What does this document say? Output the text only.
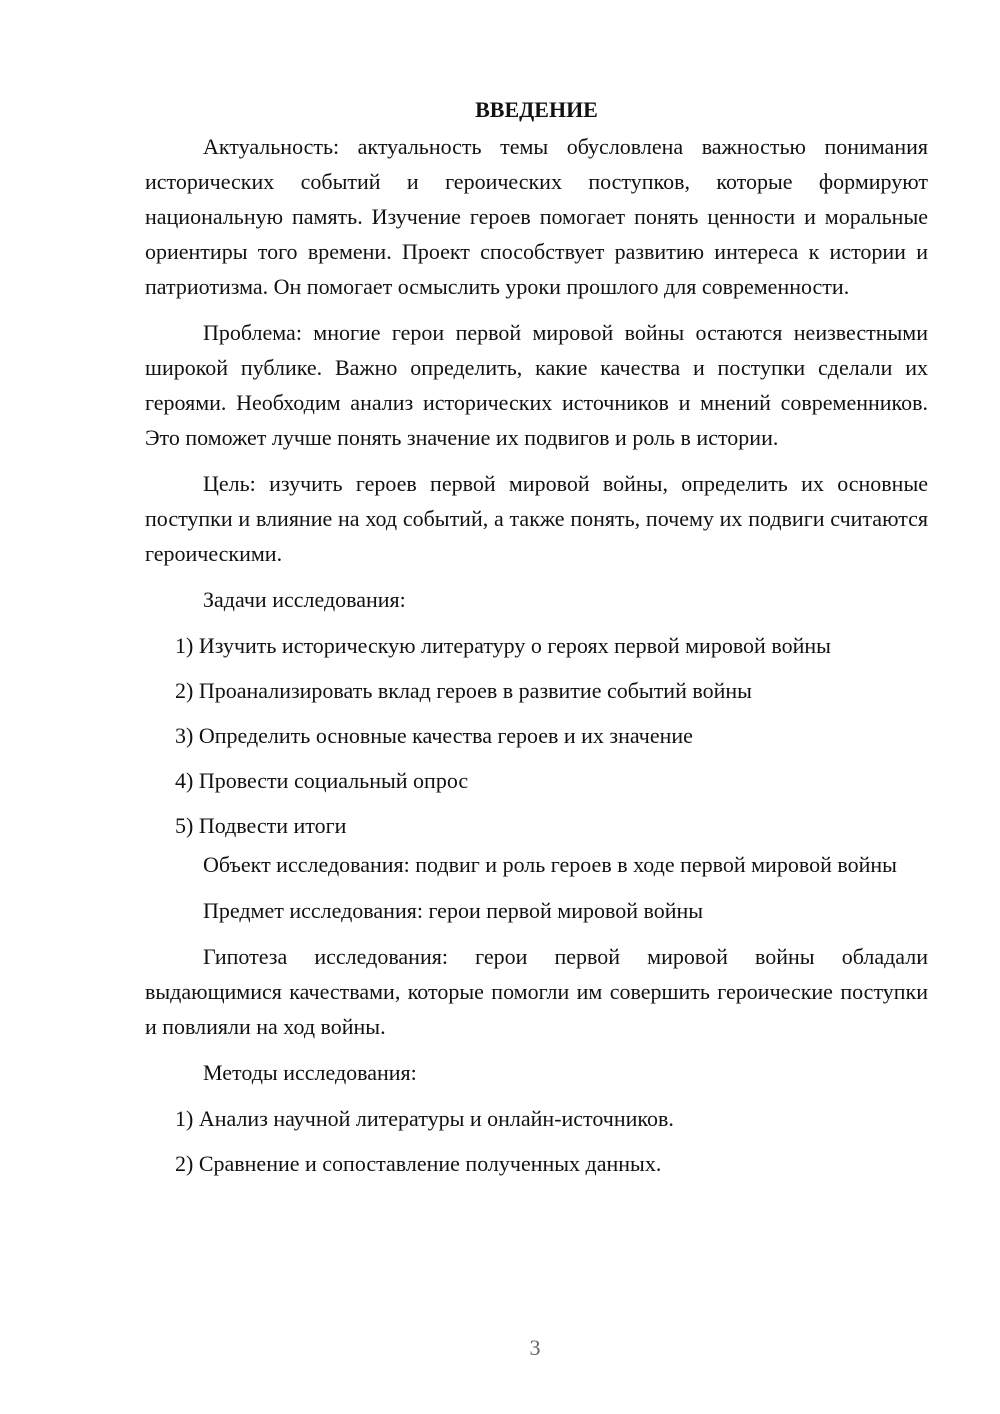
ВВЕДЕНИЕ

Актуальность: актуальность темы обусловлена важностью понимания исторических событий и героических поступков, которые формируют национальную память. Изучение героев помогает понять ценности и моральные ориентиры того времени. Проект способствует развитию интереса к истории и патриотизма. Он помогает осмыслить уроки прошлого для современности.

Проблема: многие герои первой мировой войны остаются неизвестными широкой публике. Важно определить, какие качества и поступки сделали их героями. Необходим анализ исторических источников и мнений современников. Это поможет лучше понять значение их подвигов и роль в истории.

Цель: изучить героев первой мировой войны, определить их основные поступки и влияние на ход событий, а также понять, почему их подвиги считаются героическими.

Задачи исследования:

1) Изучить историческую литературу о героях первой мировой войны
2) Проанализировать вклад героев в развитие событий войны
3) Определить основные качества героев и их значение
4) Провести социальный опрос
5) Подвести итоги

Объект исследования: подвиг и роль героев в ходе первой мировой войны

Предмет исследования: герои первой мировой войны

Гипотеза исследования: герои первой мировой войны обладали выдающимися качествами, которые помогли им совершить героические поступки и повлияли на ход войны.

Методы исследования:

1) Анализ научной литературы и онлайн-источников.
2) Сравнение и сопоставление полученных данных.
3
